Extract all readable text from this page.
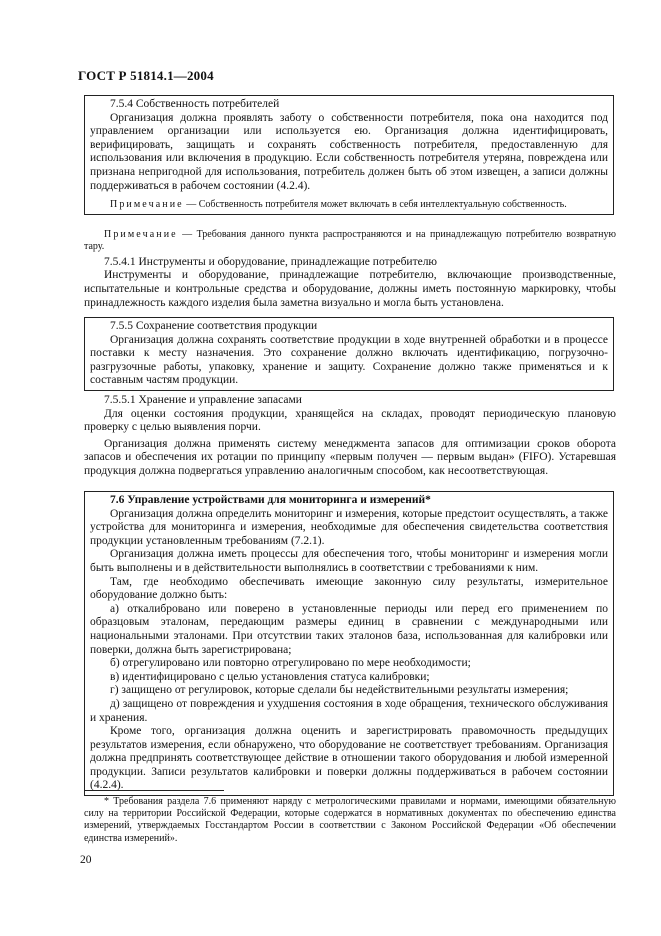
ГОСТ Р 51814.1—2004

7.5.4 Собственность потребителей

Организация должна проявлять заботу о собственности потребителя, пока она находится под управлением организации или используется ею. Организация должна идентифицировать, верифицировать, защищать и сохранять собственность потребителя, предоставленную для использования или включения в продукцию. Если собственность потребителя утеряна, повреждена или признана непригодной для использования, потребитель должен быть об этом извещен, а записи должны поддерживаться в рабочем состоянии (4.2.4).

Примечание — Собственность потребителя может включать в себя интеллектуальную собственность.

Примечание — Требования данного пункта распространяются и на принадлежащую потребителю возвратную тару.

7.5.4.1 Инструменты и оборудование, принадлежащие потребителю

Инструменты и оборудование, принадлежащие потребителю, включающие производственные, испытательные и контрольные средства и оборудование, должны иметь постоянную маркировку, чтобы принадлежность каждого изделия была заметна визуально и могла быть установлена.

7.5.5 Сохранение соответствия продукции

Организация должна сохранять соответствие продукции в ходе внутренней обработки и в процессе поставки к месту назначения. Это сохранение должно включать идентификацию, погрузочно-разгрузочные работы, упаковку, хранение и защиту. Сохранение должно также применяться и к составным частям продукции.

7.5.5.1 Хранение и управление запасами

Для оценки состояния продукции, хранящейся на складах, проводят периодическую плановую проверку с целью выявления порчи.

Организация должна применять систему менеджмента запасов для оптимизации сроков оборота запасов и обеспечения их ротации по принципу «первым получен — первым выдан» (FIFO). Устаревшая продукция должна подвергаться управлению аналогичным способом, как несоответствующая.

7.6 Управление устройствами для мониторинга и измерений*

Организация должна определить мониторинг и измерения, которые предстоит осуществлять, а также устройства для мониторинга и измерения, необходимые для обеспечения свидетельства соответствия продукции установленным требованиям (7.2.1).

Организация должна иметь процессы для обеспечения того, чтобы мониторинг и измерения могли быть выполнены и в действительности выполнялись в соответствии с требованиями к ним.

Там, где необходимо обеспечивать имеющие законную силу результаты, измерительное оборудование должно быть:

а) откалибровано или поверено в установленные периоды или перед его применением по образцовым эталонам, передающим размеры единиц в сравнении с международными или национальными эталонами. При отсутствии таких эталонов база, использованная для калибровки или поверки, должна быть зарегистрирована;

б) отрегулировано или повторно отрегулировано по мере необходимости;

в) идентифицировано с целью установления статуса калибровки;

г) защищено от регулировок, которые сделали бы недействительными результаты измерения;

д) защищено от повреждения и ухудшения состояния в ходе обращения, технического обслуживания и хранения.

Кроме того, организация должна оценить и зарегистрировать правомочность предыдущих результатов измерения, если обнаружено, что оборудование не соответствует требованиям. Организация должна предпринять соответствующее действие в отношении такого оборудования и любой измеренной продукции. Записи результатов калибровки и поверки должны поддерживаться в рабочем состоянии (4.2.4).

* Требования раздела 7.6 применяют наряду с метрологическими правилами и нормами, имеющими обязательную силу на территории Российской Федерации, которые содержатся в нормативных документах по обеспечению единства измерений, утверждаемых Госстандартом России в соответствии с Законом Российской Федерации «Об обеспечении единства измерений».

20
